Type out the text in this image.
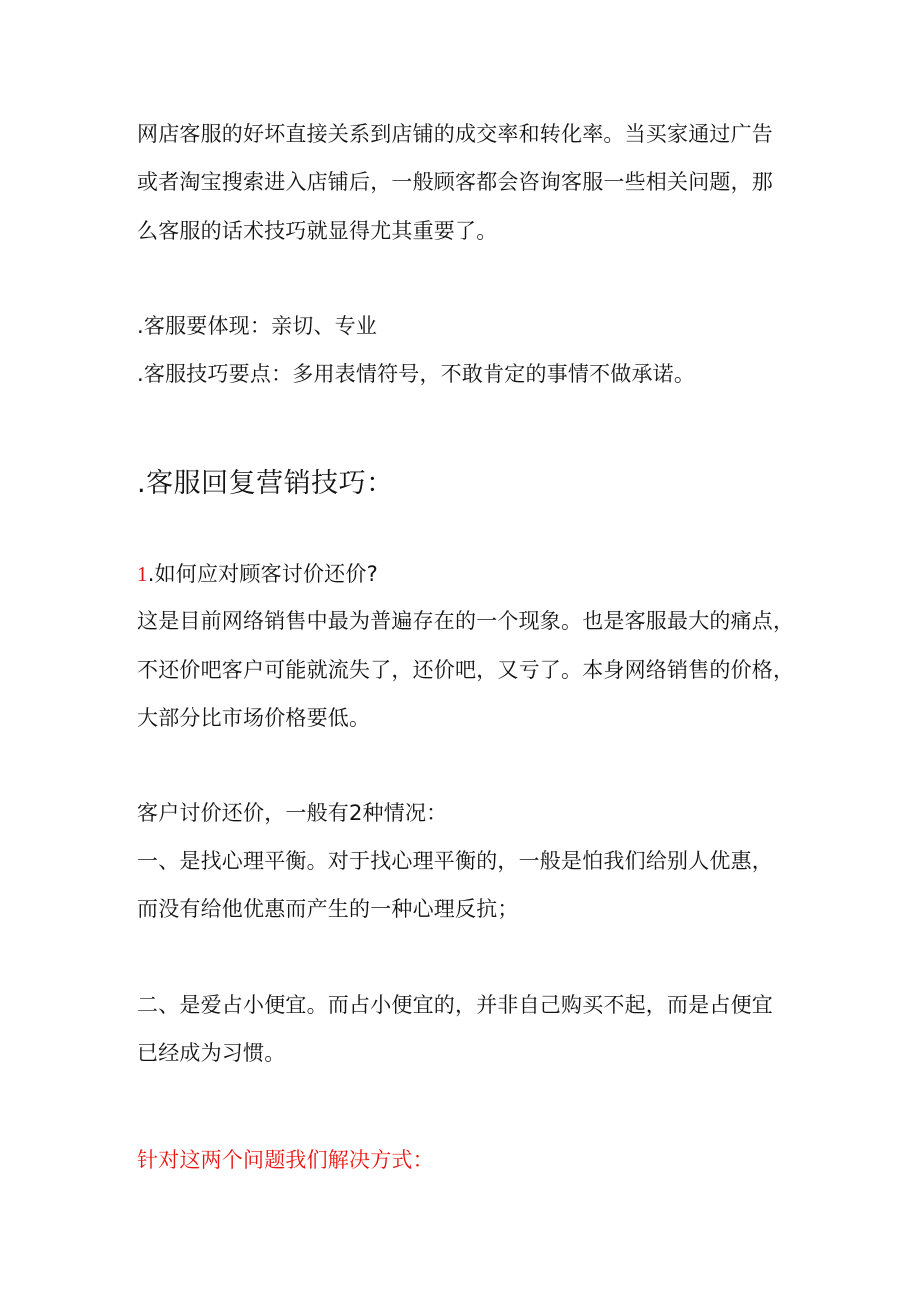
网店客服的好坏直接关系到店铺的成交率和转化率。当买家通过广告
或者淘宝搜索进入店铺后，一般顾客都会咨询客服一些相关问题，那
么客服的话术技巧就显得尤其重要了。
.客服要体现：亲切、专业
.客服技巧要点：多用表情符号，不敢肯定的事情不做承诺。
.客服回复营销技巧：
1.如何应对顾客讨价还价?
这是目前网络销售中最为普遍存在的一个现象。也是客服最大的痛点，
不还价吧客户可能就流失了，还价吧，又亏了。本身网络销售的价格，
大部分比市场价格要低。
客户讨价还价，一般有2种情况：
一、是找心理平衡。对于找心理平衡的，一般是怕我们给别人优惠，
而没有给他优惠而产生的一种心理反抗；
二、是爱占小便宜。而占小便宜的，并非自己购买不起，而是占便宜
已经成为习惯。
针对这两个问题我们解决方式：
